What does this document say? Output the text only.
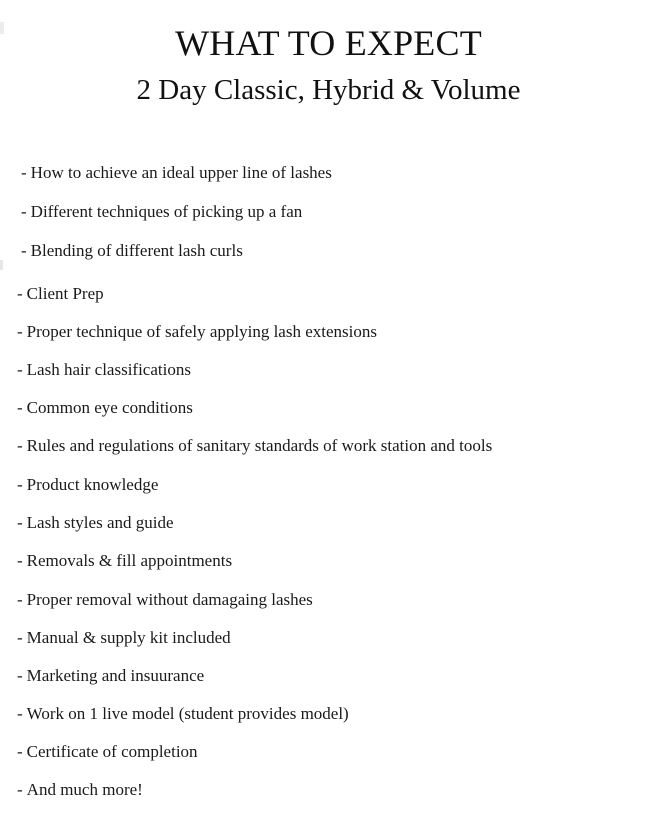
WHAT TO EXPECT
2 Day Classic, Hybrid & Volume
- How to achieve an ideal upper line of lashes
- Different techniques of picking up a fan
- Blending of different lash curls
- Client Prep
- Proper technique of safely applying lash extensions
- Lash hair classifications
- Common eye conditions
- Rules and regulations of sanitary standards of work station and tools
- Product knowledge
- Lash styles and guide
- Removals & fill appointments
- Proper removal without damagaing lashes
- Manual & supply kit included
- Marketing and insuurance
- Work on 1 live model (student provides model)
- Certificate of completion
- And much more!
